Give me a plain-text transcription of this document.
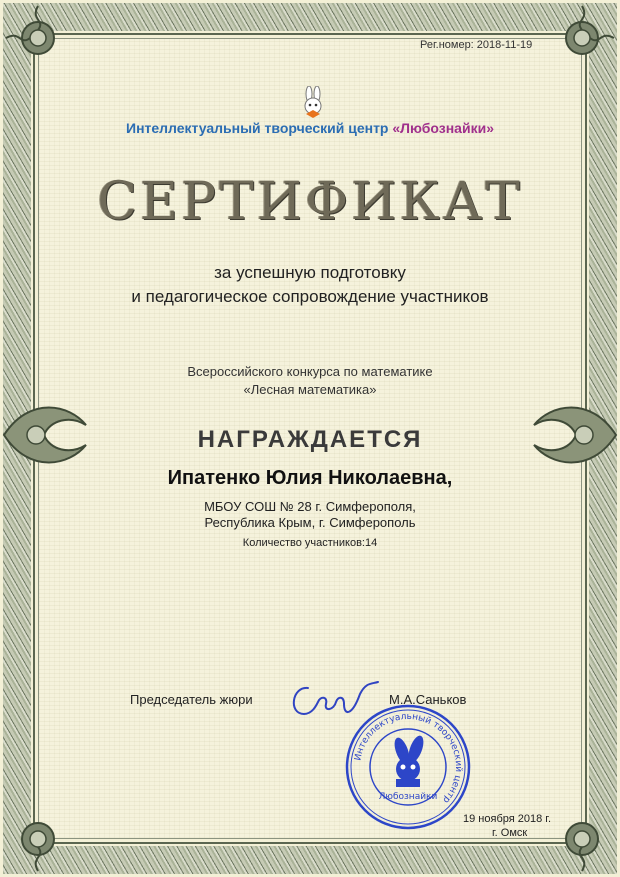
Рег.номер: 2018-11-19
Интеллектуальный творческий центр «Любознайки»
СЕРТИФИКАТ
за успешную подготовку
и педагогическое сопровождение участников
Всероссийского конкурса по математике
«Лесная математика»
НАГРАЖДАЕТСЯ
Ипатенко Юлия Николаевна,
МБОУ СОШ № 28 г. Симферополя,
Республика Крым, г. Симферополь
Количество участников:14
Председатель жюри	М.А.Саньков
Интеллектуальный творческий центр
Любознайки
19 ноября 2018 г.
г. Омск
